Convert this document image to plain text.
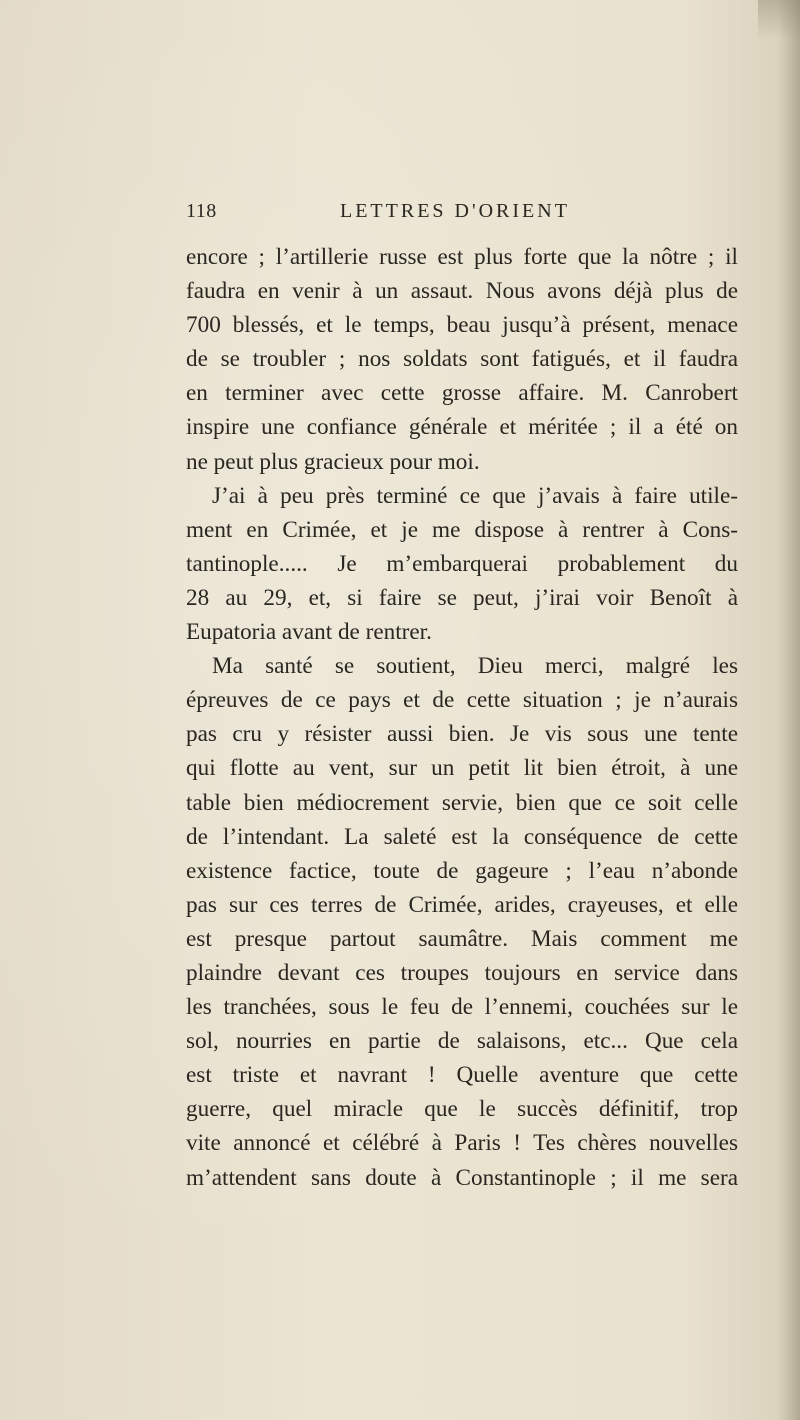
118	LETTRES D'ORIENT
encore ; l’artillerie russe est plus forte que la nôtre ; il
faudra en venir à un assaut. Nous avons déjà plus de
700 blessés, et le temps, beau jusqu’à présent, menace
de se troubler ; nos soldats sont fatigués, et il faudra
en terminer avec cette grosse affaire. M. Canrobert
inspire une confiance générale et méritée ; il a été on
ne peut plus gracieux pour moi.
J’ai à peu près terminé ce que j’avais à faire utile-
ment en Crimée, et je me dispose à rentrer à Cons-
tantinople..... Je m’embarquerai probablement du
28 au 29, et, si faire se peut, j’irai voir Benoît à
Eupatoria avant de rentrer.
Ma santé se soutient, Dieu merci, malgré les
épreuves de ce pays et de cette situation ; je n’aurais
pas cru y résister aussi bien. Je vis sous une tente
qui flotte au vent, sur un petit lit bien étroit, à une
table bien médiocrement servie, bien que ce soit celle
de l’intendant. La saleté est la conséquence de cette
existence factice, toute de gageure ; l’eau n’abonde
pas sur ces terres de Crimée, arides, crayeuses, et elle
est presque partout saumâtre. Mais comment me
plaindre devant ces troupes toujours en service dans
les tranchées, sous le feu de l’ennemi, couchées sur le
sol, nourries en partie de salaisons, etc... Que cela
est triste et navrant ! Quelle aventure que cette
guerre, quel miracle que le succès définitif, trop
vite annoncé et célébré à Paris ! Tes chères nouvelles
m’attendent sans doute à Constantinople ; il me sera
